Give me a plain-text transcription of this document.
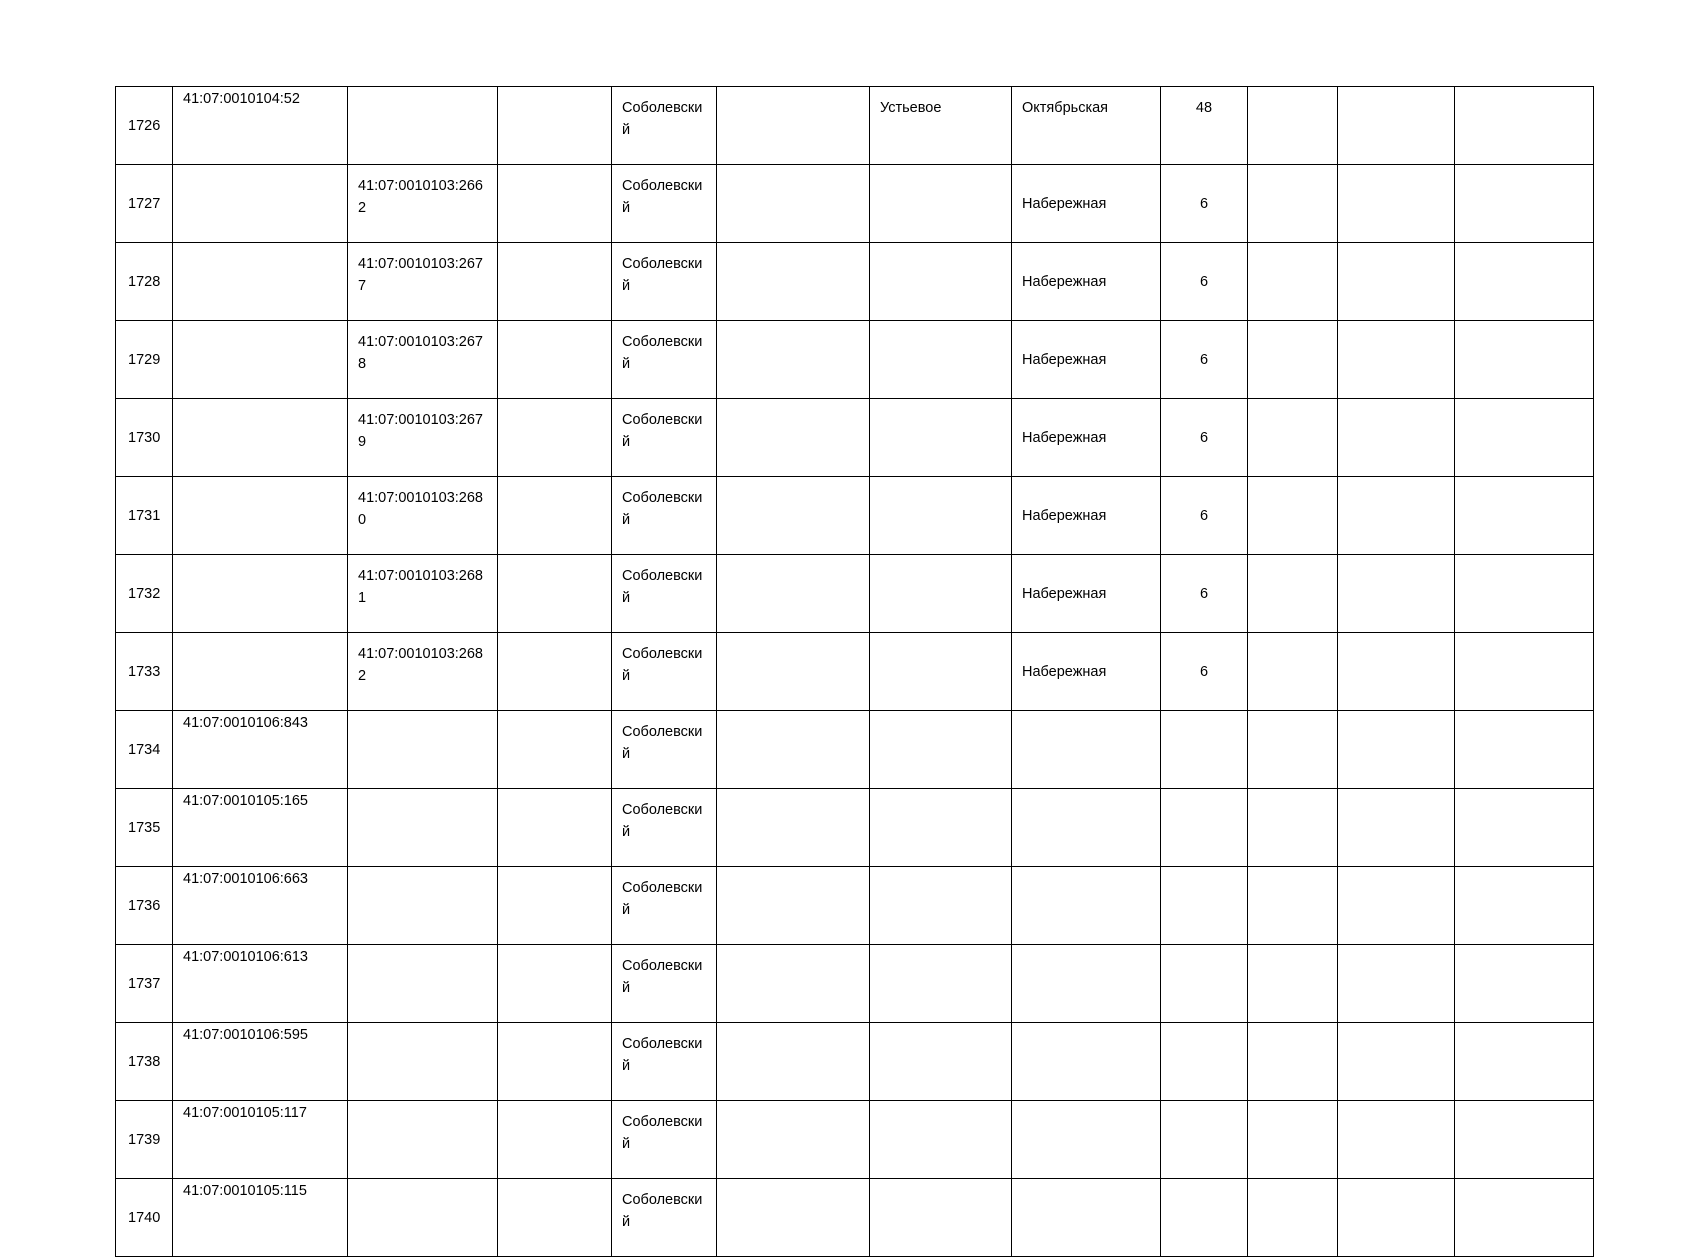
1726	41:07:0010104:52			Соболевский		Устьевое	Октябрьская	48			
1727		41:07:0010103:2662		Соболевский			Набережная	6			
1728		41:07:0010103:2677		Соболевский			Набережная	6			
1729		41:07:0010103:2678		Соболевский			Набережная	6			
1730		41:07:0010103:2679		Соболевский			Набережная	6			
1731		41:07:0010103:2680		Соболевский			Набережная	6			
1732		41:07:0010103:2681		Соболевский			Набережная	6			
1733		41:07:0010103:2682		Соболевский			Набережная	6			
1734	41:07:0010106:843			Соболевский							
1735	41:07:0010105:165			Соболевский							
1736	41:07:0010106:663			Соболевский							
1737	41:07:0010106:613			Соболевский							
1738	41:07:0010106:595			Соболевский							
1739	41:07:0010105:117			Соболевский							
1740	41:07:0010105:115			Соболевский							
